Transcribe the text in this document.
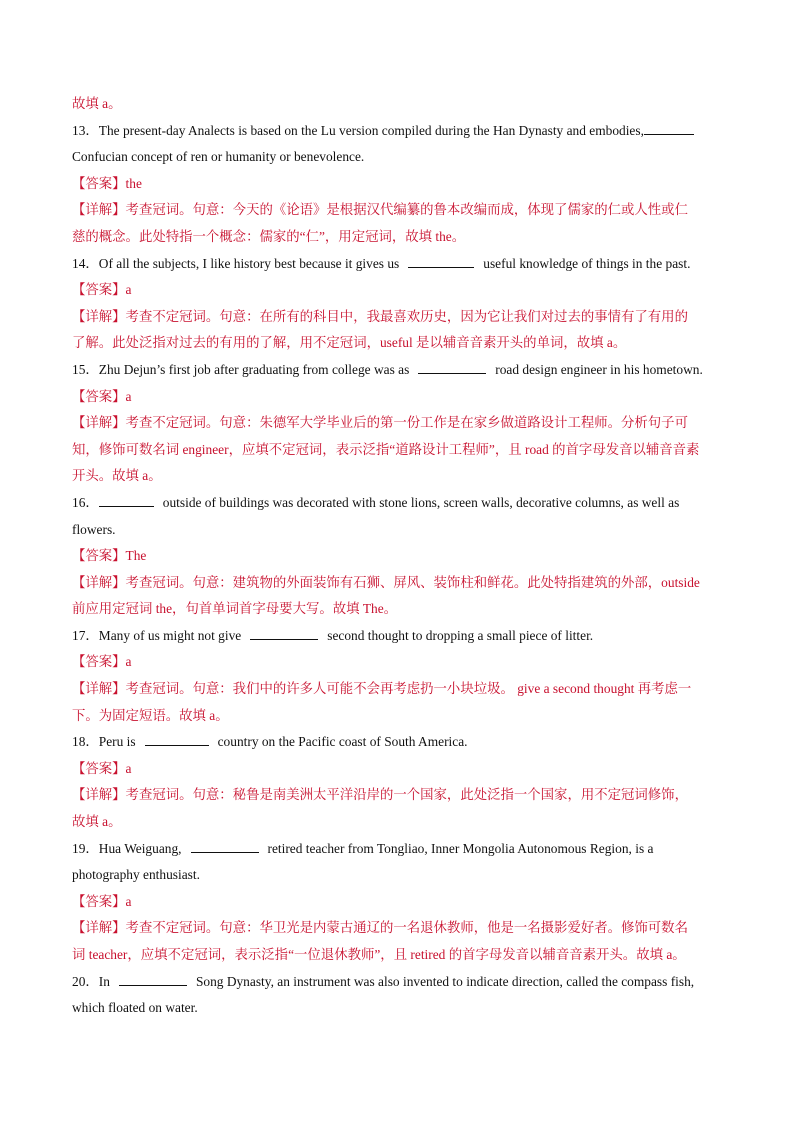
故填 a。
13．The present-day Analects is based on the Lu version compiled during the Han Dynasty and embodies,
Confucian concept of ren or humanity or benevolence.
【答案】the
【详解】考查冠词。句意：今天的《论语》是根据汉代编纂的鲁本改编而成，体现了儒家的仁或人性或仁
慈的概念。此处特指一个概念：儒家的“仁”，用定冠词，故填 the。
14．Of all the subjects, I like history best because it gives us	useful knowledge of things in the past.
【答案】a
【详解】考查不定冠词。句意：在所有的科目中，我最喜欢历史，因为它让我们对过去的事情有了有用的
了解。此处泛指对过去的有用的了解，用不定冠词，useful 是以辅音音素开头的单词，故填 a。
15．Zhu Dejun’s first job after graduating from college was as	road design engineer in his hometown.
【答案】a
【详解】考查不定冠词。句意：朱德军大学毕业后的第一份工作是在家乡做道路设计工程师。分析句子可
知，修饰可数名词 engineer，应填不定冠词，表示泛指“道路设计工程师”，且 road 的首字母发音以辅音音素
开头。故填 a。
16．	outside of buildings was decorated with stone lions, screen walls, decorative columns, as well as
flowers.
【答案】The
【详解】考查冠词。句意：建筑物的外面装饰有石狮、屏风、装饰柱和鲜花。此处特指建筑的外部，outside
前应用定冠词 the，句首单词首字母要大写。故填 The。
17．Many of us might not give	second thought to dropping a small piece of litter.
【答案】a
【详解】考查冠词。句意：我们中的许多人可能不会再考虑扔一小块垃圾。 give a second thought 再考虑一
下。为固定短语。故填 a。
18．Peru is	country on the Pacific coast of South America.
【答案】a
【详解】考查冠词。句意：秘鲁是南美洲太平洋沿岸的一个国家，此处泛指一个国家，用不定冠词修饰，
故填 a。
19．Hua Weiguang,	retired teacher from Tongliao, Inner Mongolia Autonomous Region, is a
photography enthusiast.
【答案】a
【详解】考查不定冠词。句意：华卫光是内蒙古通辽的一名退休教师，他是一名摄影爱好者。修饰可数名
词 teacher，应填不定冠词，表示泛指“一位退休教师”，且 retired 的首字母发音以辅音音素开头。故填 a。
20．In	Song Dynasty, an instrument was also invented to indicate direction, called the compass fish,
which floated on water.
